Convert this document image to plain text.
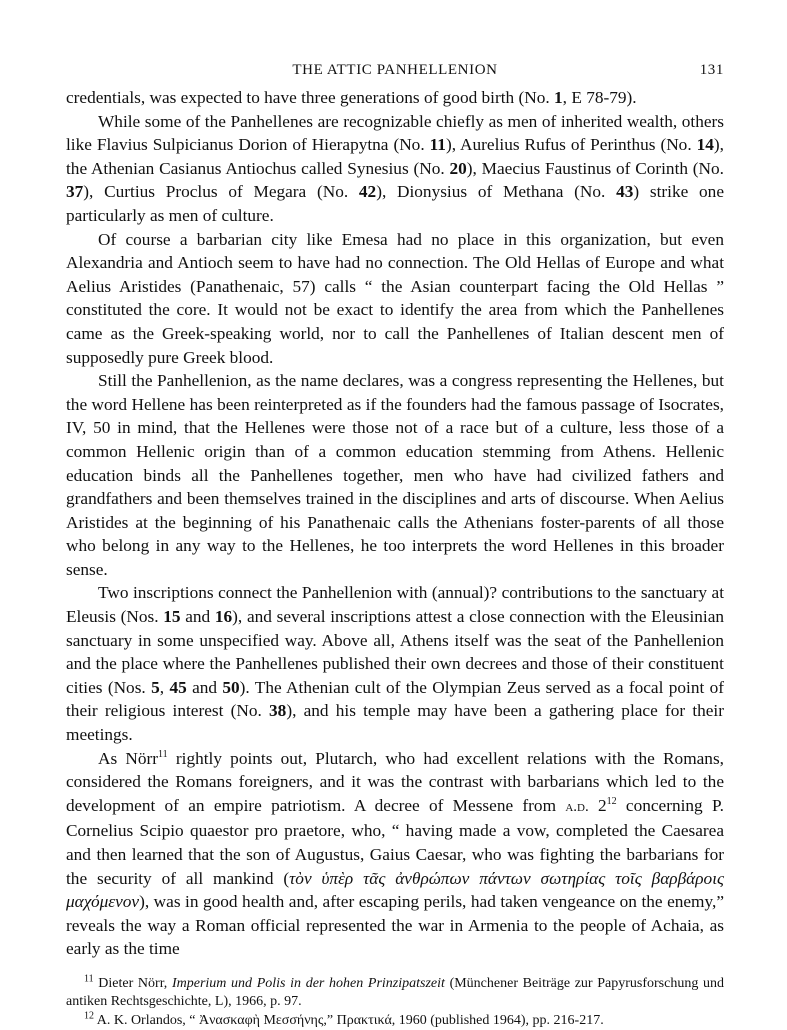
THE ATTIC PANHELLENION	131

credentials, was expected to have three generations of good birth (No. 1, E 78-79).

While some of the Panhellenes are recognizable chiefly as men of inherited wealth, others like Flavius Sulpicianus Dorion of Hierapytna (No. 11), Aurelius Rufus of Perinthus (No. 14), the Athenian Casianus Antiochus called Synesius (No. 20), Maecius Faustinus of Corinth (No. 37), Curtius Proclus of Megara (No. 42), Dionysius of Methana (No. 43) strike one particularly as men of culture.

Of course a barbarian city like Emesa had no place in this organization, but even Alexandria and Antioch seem to have had no connection. The Old Hellas of Europe and what Aelius Aristides (Panathenaic, 57) calls “ the Asian counterpart facing the Old Hellas ” constituted the core. It would not be exact to identify the area from which the Panhellenes came as the Greek-speaking world, nor to call the Panhellenes of Italian descent men of supposedly pure Greek blood.

Still the Panhellenion, as the name declares, was a congress representing the Hellenes, but the word Hellene has been reinterpreted as if the founders had the famous passage of Isocrates, IV, 50 in mind, that the Hellenes were those not of a race but of a culture, less those of a common Hellenic origin than of a common education stemming from Athens. Hellenic education binds all the Panhellenes together, men who have had civilized fathers and grandfathers and been themselves trained in the disciplines and arts of discourse. When Aelius Aristides at the beginning of his Panathenaic calls the Athenians foster-parents of all those who belong in any way to the Hellenes, he too interprets the word Hellenes in this broader sense.

Two inscriptions connect the Panhellenion with (annual)? contributions to the sanctuary at Eleusis (Nos. 15 and 16), and several inscriptions attest a close connection with the Eleusinian sanctuary in some unspecified way. Above all, Athens itself was the seat of the Panhellenion and the place where the Panhellenes published their own decrees and those of their constituent cities (Nos. 5, 45 and 50). The Athenian cult of the Olympian Zeus served as a focal point of their religious interest (No. 38), and his temple may have been a gathering place for their meetings.

As Nörr$^{11}$ rightly points out, Plutarch, who had excellent relations with the Romans, considered the Romans foreigners, and it was the contrast with barbarians which led to the development of an empire patriotism. A decree of Messene from a.d. $2^{12}$ concerning P. Cornelius Scipio quaestor pro praetore, who, “ having made a vow, completed the Caesarea and then learned that the son of Augustus, Gaius Caesar, who was fighting the barbarians for the security of all mankind (τὸν ὑπὲρ τᾶς ἀνθρώπων πάντων σωτηρίας τοῖς βαρβάροις μαχόμενον), was in good health and, after escaping perils, had taken vengeance on the enemy,” reveals the way a Roman official represented the war in Armenia to the people of Achaia, as early as the time

$^{11}$ Dieter Nörr, Imperium und Polis in der hohen Prinzipatszeit (Münchener Beiträge zur Papyrusforschung und antiken Rechtsgeschichte, L), 1966, p. 97.

$^{12}$ A. K. Orlandos, “ Ἀνασκαφὴ Μεσσήνης,” Πρακτικά, 1960 (published 1964), pp. 216-217.
